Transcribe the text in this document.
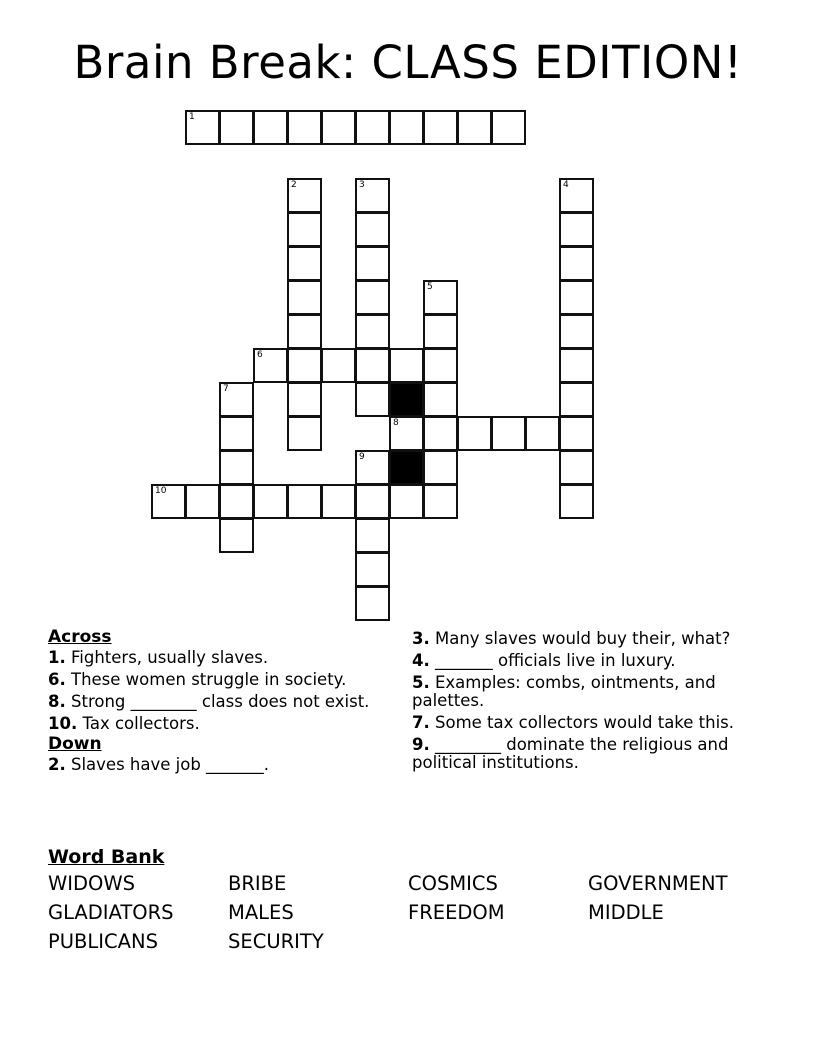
Brain Break: CLASS EDITION!
1
2	3	4
5
6
7
8
9
10
Across
1. Fighters, usually slaves.
6. These women struggle in society.
8. Strong ________ class does not exist.
10. Tax collectors.
Down
2. Slaves have job _______.
3. Many slaves would buy their, what?
4. _______ officials live in luxury.
5. Examples: combs, ointments, and palettes.
7. Some tax collectors would take this.
9. ________ dominate the religious and political institutions.
Word Bank
WIDOWS	BRIBE	COSMICS	GOVERNMENT
GLADIATORS	MALES	FREEDOM	MIDDLE
PUBLICANS	SECURITY
